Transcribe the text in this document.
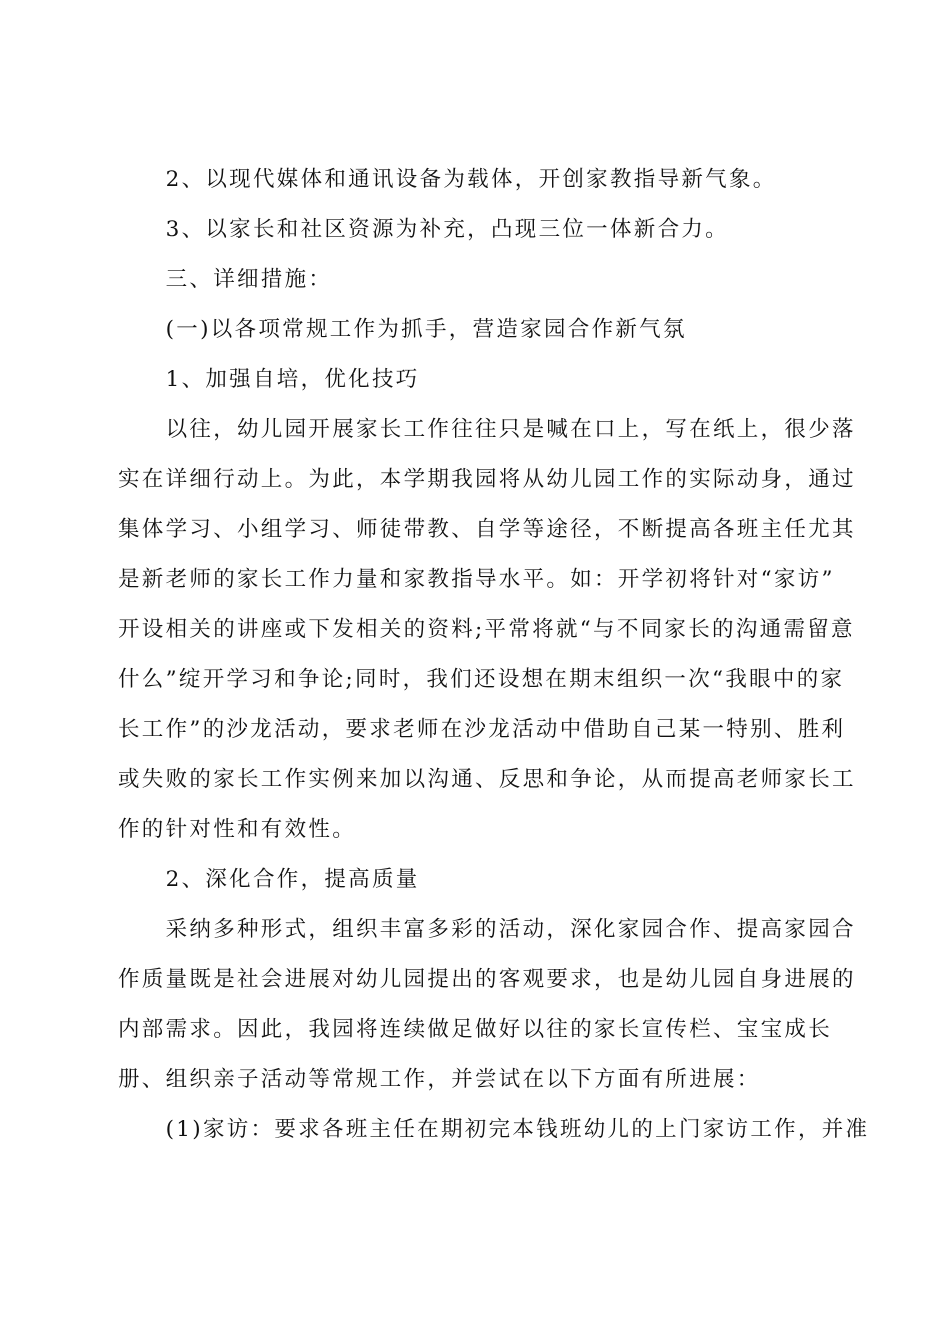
　　2、以现代媒体和通讯设备为载体，开创家教指导新气象。
　　3、以家长和社区资源为补充，凸现三位一体新合力。
　　三、详细措施：
　　(一)以各项常规工作为抓手，营造家园合作新气氛
　　1、加强自培，优化技巧
　　以往，幼儿园开展家长工作往往只是喊在口上，写在纸上，很少落
实在详细行动上。为此，本学期我园将从幼儿园工作的实际动身，通过
集体学习、小组学习、师徒带教、自学等途径，不断提高各班主任尤其
是新老师的家长工作力量和家教指导水平。如：开学初将针对“家访”
开设相关的讲座或下发相关的资料;平常将就“与不同家长的沟通需留意
什么”绽开学习和争论;同时，我们还设想在期末组织一次“我眼中的家
长工作”的沙龙活动，要求老师在沙龙活动中借助自己某一特别、胜利
或失败的家长工作实例来加以沟通、反思和争论，从而提高老师家长工
作的针对性和有效性。
　　2、深化合作，提高质量
　　采纳多种形式，组织丰富多彩的活动，深化家园合作、提高家园合
作质量既是社会进展对幼儿园提出的客观要求，也是幼儿园自身进展的
内部需求。因此，我园将连续做足做好以往的家长宣传栏、宝宝成长
册、组织亲子活动等常规工作，并尝试在以下方面有所进展：
　　(1)家访：要求各班主任在期初完本钱班幼儿的上门家访工作，并准
